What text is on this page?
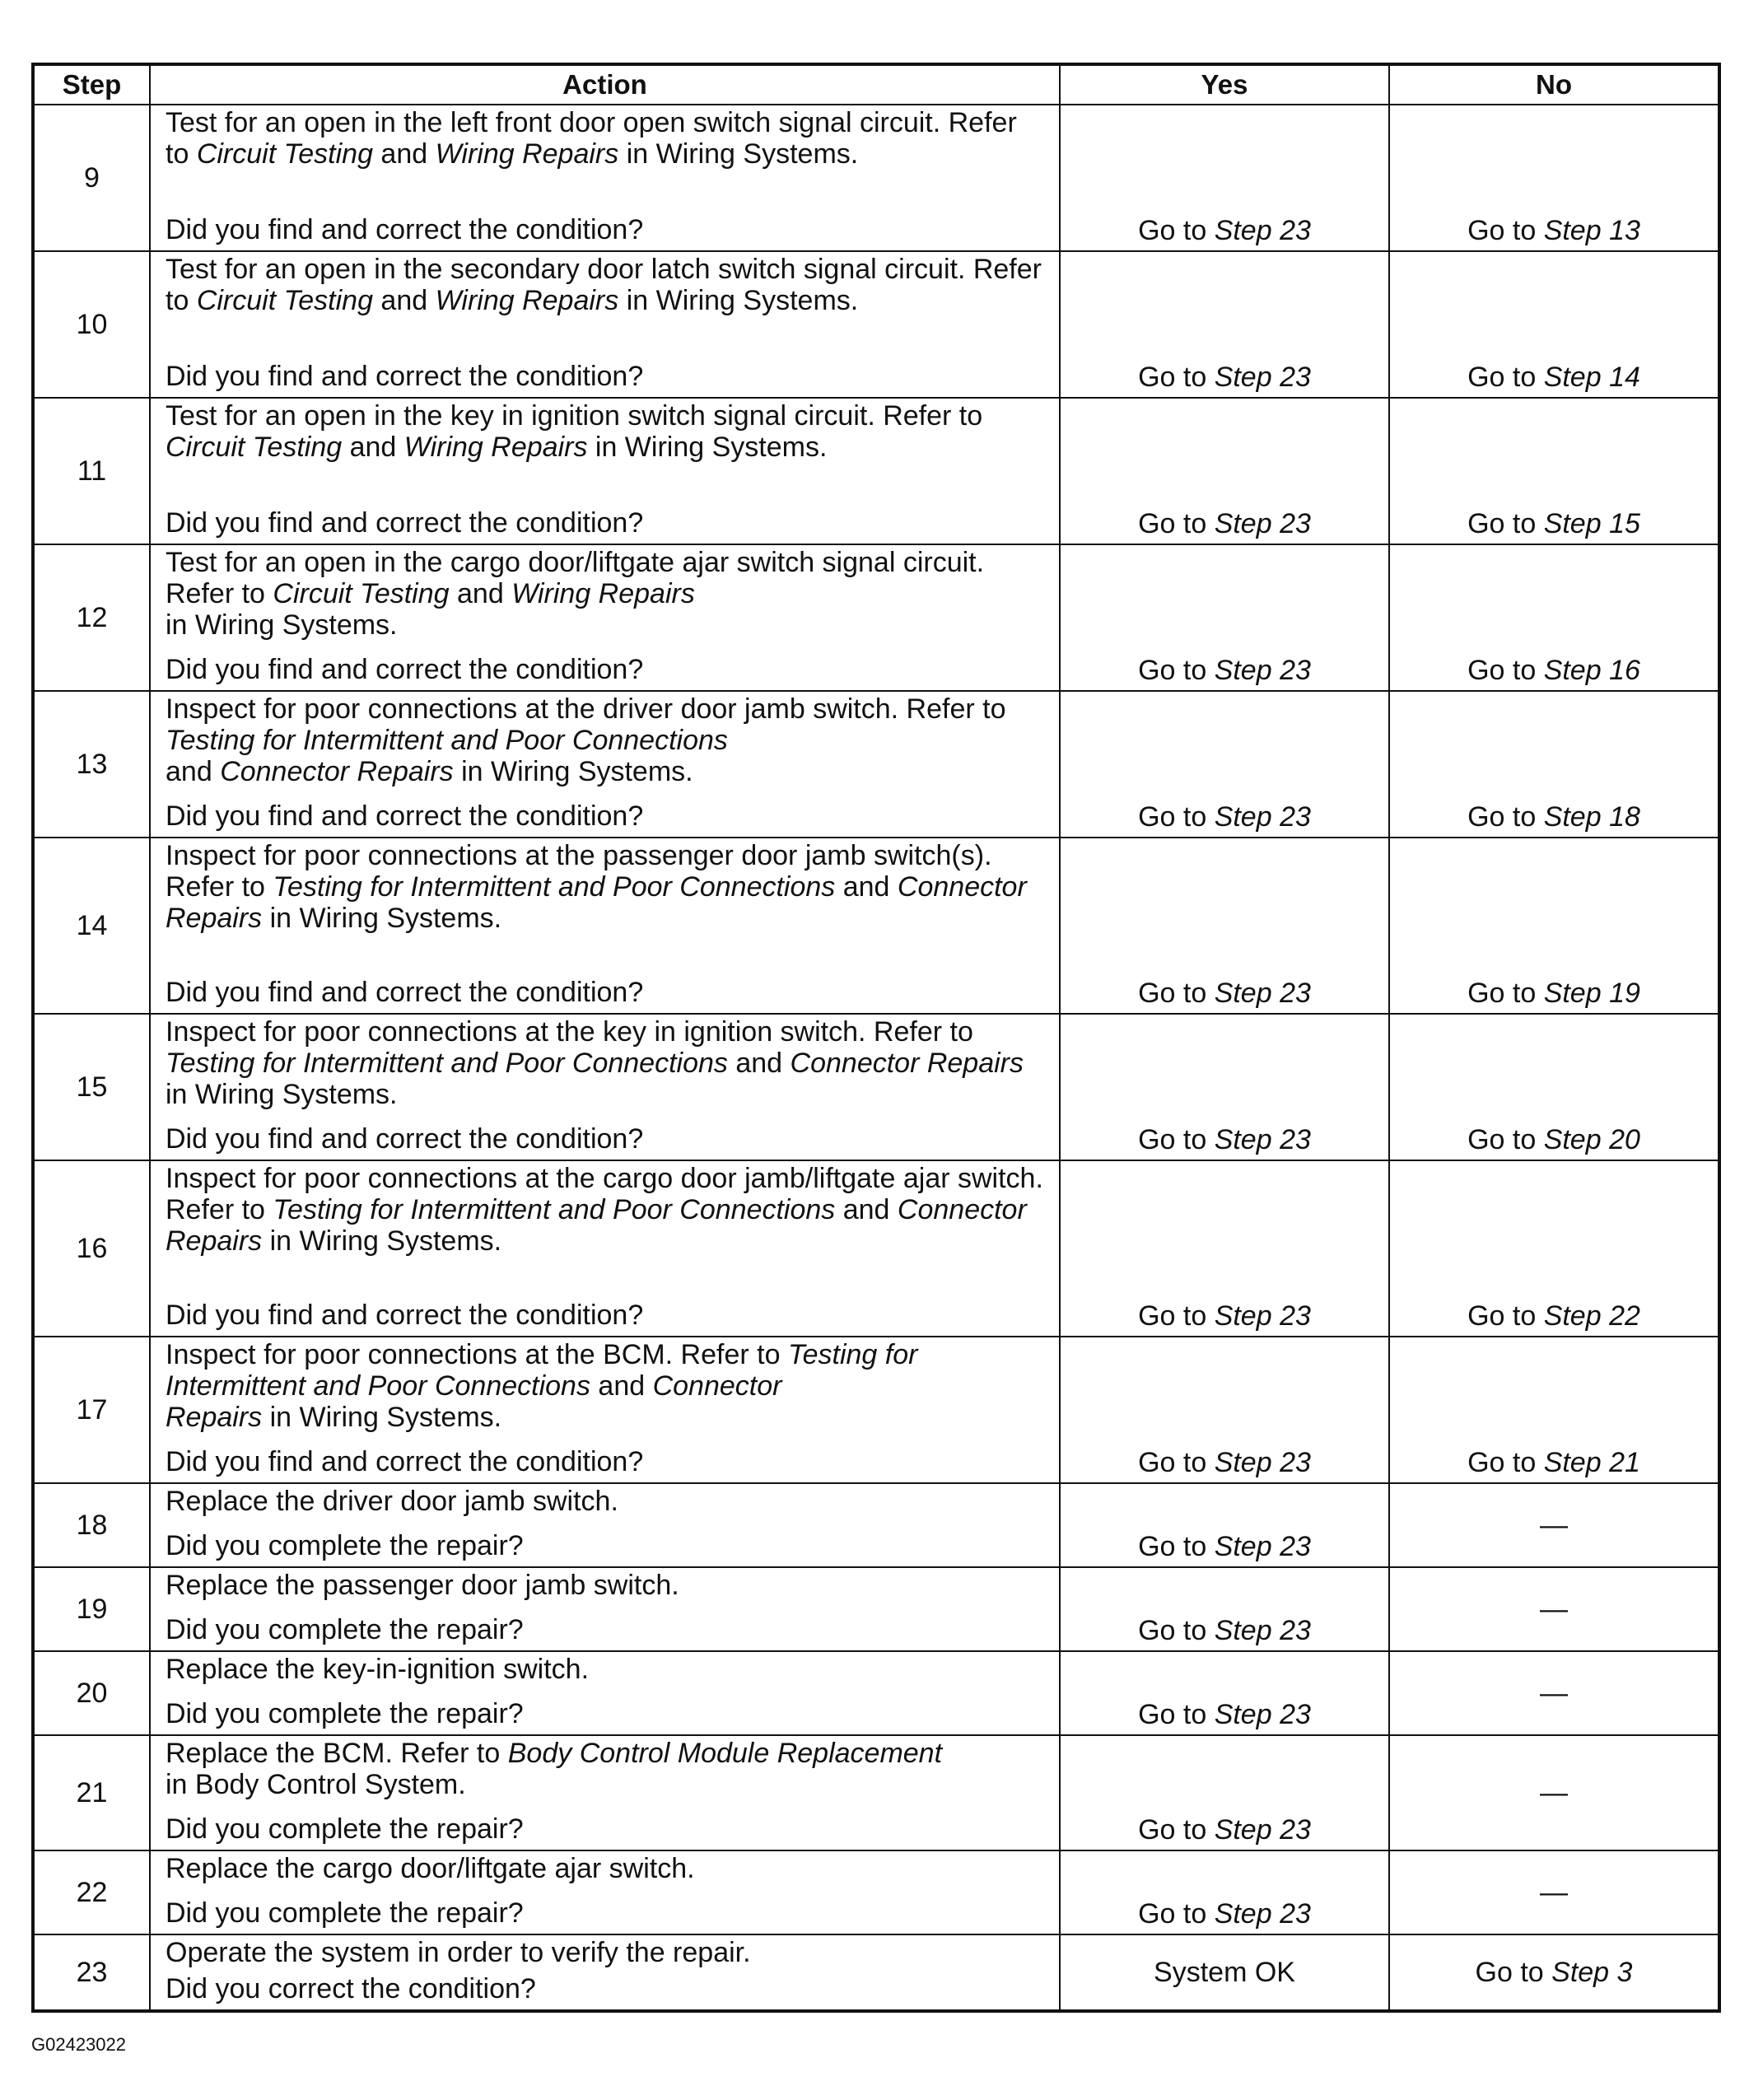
Step	Action	Yes	No
9	Test for an open in the left front door open switch signal circuit. Refer to Circuit Testing and Wiring Repairs in Wiring Systems.
Did you find and correct the condition?	Go to Step 23	Go to Step 13
10	Test for an open in the secondary door latch switch signal circuit. Refer to Circuit Testing and Wiring Repairs in Wiring Systems.
Did you find and correct the condition?	Go to Step 23	Go to Step 14
11	Test for an open in the key in ignition switch signal circuit. Refer to Circuit Testing and Wiring Repairs in Wiring Systems.
Did you find and correct the condition?	Go to Step 23	Go to Step 15
12	Test for an open in the cargo door/liftgate ajar switch signal circuit. Refer to Circuit Testing and Wiring Repairs
in Wiring Systems.
Did you find and correct the condition?	Go to Step 23	Go to Step 16
13	Inspect for poor connections at the driver door jamb switch. Refer to Testing for Intermittent and Poor Connections
and Connector Repairs in Wiring Systems.
Did you find and correct the condition?	Go to Step 23	Go to Step 18
14	Inspect for poor connections at the passenger door jamb switch(s). Refer to Testing for Intermittent and Poor Connections and Connector Repairs in Wiring Systems.
Did you find and correct the condition?	Go to Step 23	Go to Step 19
15	Inspect for poor connections at the key in ignition switch. Refer to Testing for Intermittent and Poor Connections and Connector Repairs in Wiring Systems.
Did you find and correct the condition?	Go to Step 23	Go to Step 20
16	Inspect for poor connections at the cargo door jamb/liftgate ajar switch. Refer to Testing for Intermittent and Poor Connections and Connector Repairs in Wiring Systems.
Did you find and correct the condition?	Go to Step 23	Go to Step 22
17	Inspect for poor connections at the BCM. Refer to Testing for Intermittent and Poor Connections and Connector
Repairs in Wiring Systems.
Did you find and correct the condition?	Go to Step 23	Go to Step 21
18	Replace the driver door jamb switch.
Did you complete the repair?	Go to Step 23	—
19	Replace the passenger door jamb switch.
Did you complete the repair?	Go to Step 23	—
20	Replace the key-in-ignition switch.
Did you complete the repair?	Go to Step 23	—
21	Replace the BCM. Refer to Body Control Module Replacement
in Body Control System.
Did you complete the repair?	Go to Step 23	—
22	Replace the cargo door/liftgate ajar switch.
Did you complete the repair?	Go to Step 23	—
23	Operate the system in order to verify the repair.
Did you correct the condition?	System OK	Go to Step 3
G02423022
